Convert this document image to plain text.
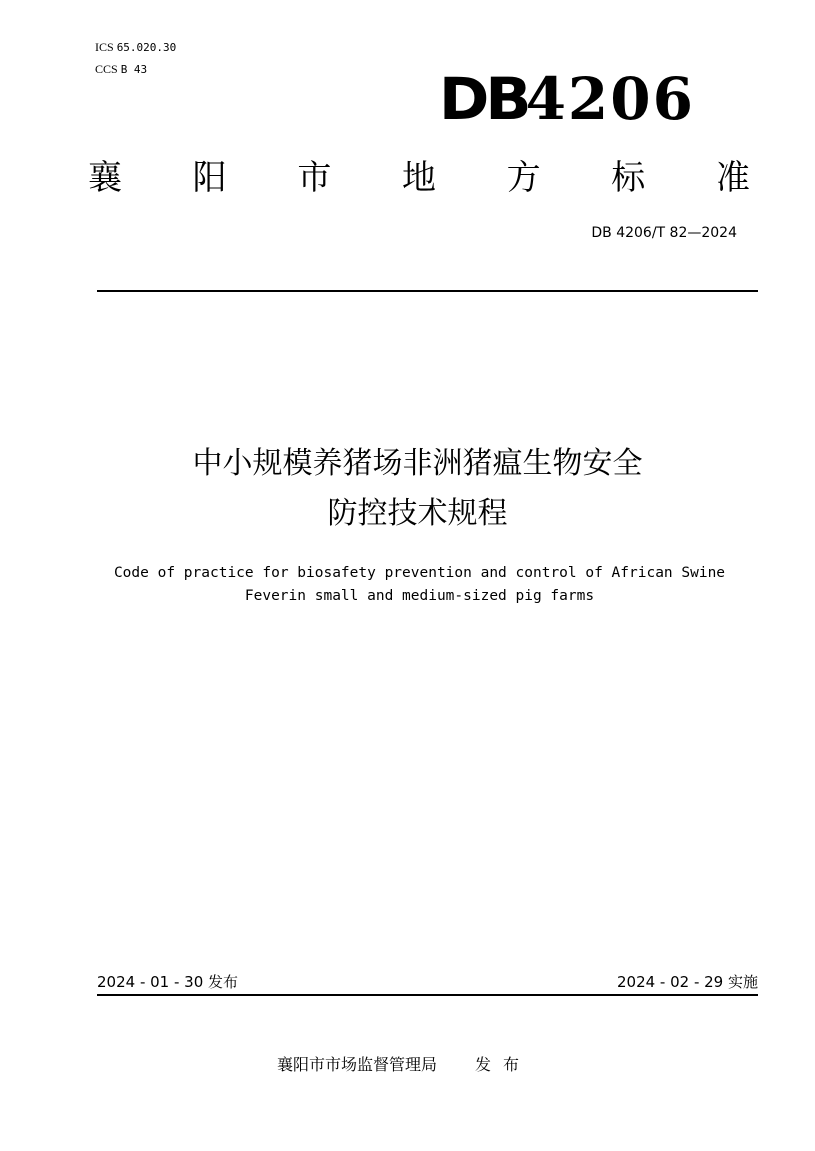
ICS 65.020.30
CCS B 43	DB4206
襄 阳 市 地 方 标 准
DB 4206/T 82—2024
中小规模养猪场非洲猪瘟生物安全
防控技术规程
Code of practice for biosafety prevention and control of African Swine
Feverin small and medium-sized pig farms
2024 - 01 - 30 发布	2024 - 02 - 29 实施
襄阳市市场监督管理局 发布
